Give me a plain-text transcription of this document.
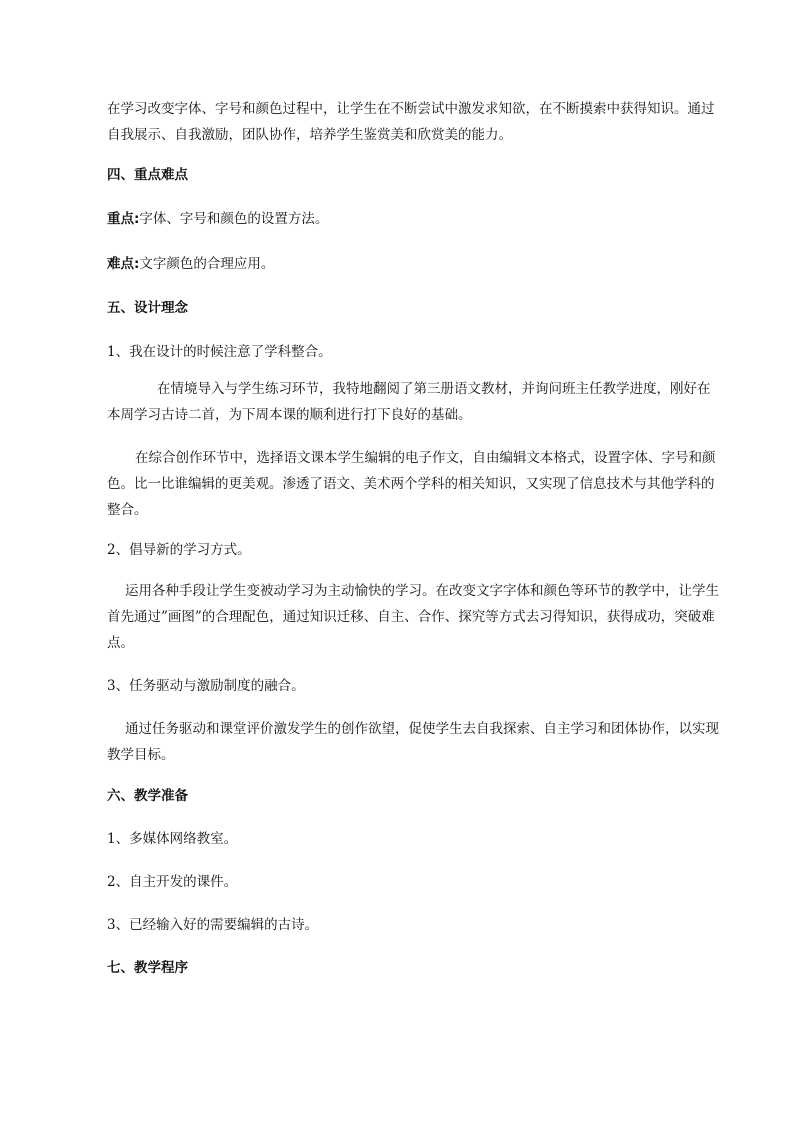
在学习改变字体、字号和颜色过程中，让学生在不断尝试中激发求知欲，在不断摸索中获得知识。通过自我展示、自我激励，团队协作，培养学生鉴赏美和欣赏美的能力。

四、重点难点

重点:字体、字号和颜色的设置方法。

难点:文字颜色的合理应用。

五、设计理念

1、我在设计的时候注意了学科整合。

在情境导入与学生练习环节，我特地翻阅了第三册语文教材，并询问班主任教学进度，刚好在本周学习古诗二首，为下周本课的顺利进行打下良好的基础。

在综合创作环节中，选择语文课本学生编辑的电子作文，自由编辑文本格式，设置字体、字号和颜色。比一比谁编辑的更美观。渗透了语文、美术两个学科的相关知识，又实现了信息技术与其他学科的整合。

2、倡导新的学习方式。

运用各种手段让学生变被动学习为主动愉快的学习。在改变文字字体和颜色等环节的教学中，让学生首先通过”画图”的合理配色，通过知识迁移、自主、合作、探究等方式去习得知识，获得成功，突破难点。

3、任务驱动与激励制度的融合。

通过任务驱动和课堂评价激发学生的创作欲望，促使学生去自我探索、自主学习和团体协作，以实现教学目标。

六、教学准备

1、多媒体网络教室。

2、自主开发的课件。

3、已经输入好的需要编辑的古诗。

七、教学程序
